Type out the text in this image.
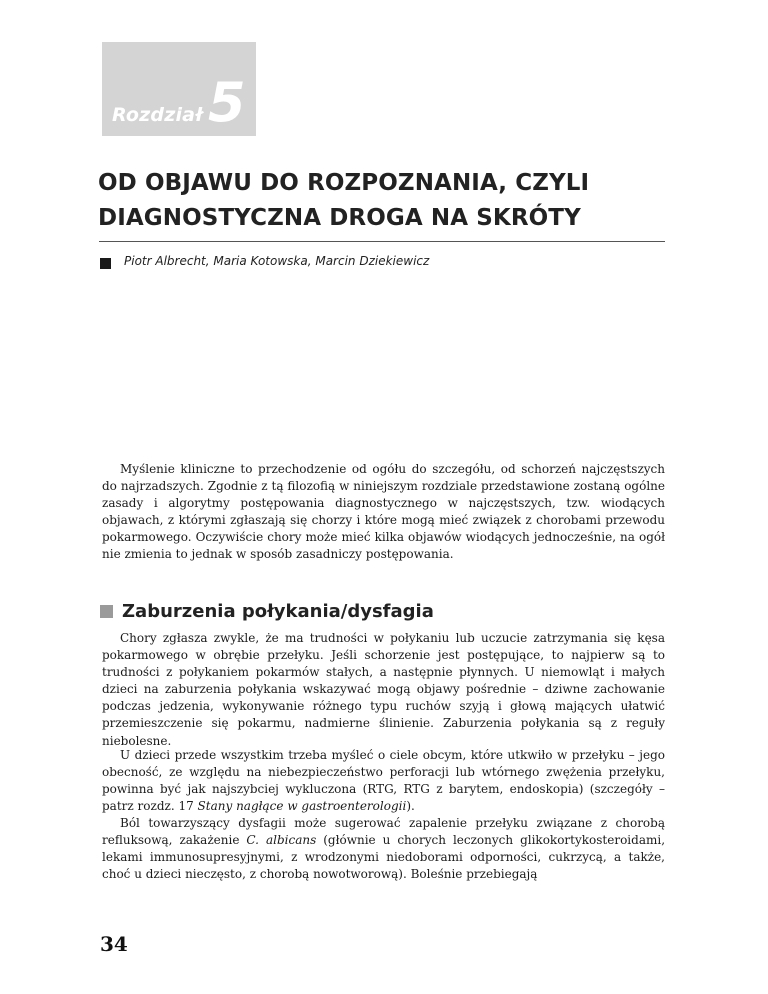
Rozdział 5
OD OBJAWU DO ROZPOZNANIA, CZYLI
DIAGNOSTYCZNA DROGA NA SKRÓTY
Piotr Albrecht, Maria Kotowska, Marcin Dziekiewicz

Myślenie kliniczne to przechodzenie od ogółu do szczegółu, od schorzeń najczęstszych do najrzadszych. Zgodnie z tą filozofią w niniejszym rozdziale przedstawione zostaną ogólne zasady i algorytmy postępowania diagnostycznego w najczęstszych, tzw. wiodących objawach, z którymi zgłaszają się chorzy i które mogą mieć związek z chorobami przewodu pokarmowego. Oczywiście chory może mieć kilka objawów wiodących jednocześnie, na ogół nie zmienia to jednak w sposób zasadniczy postępowania.

Zaburzenia połykania/dysfagia

Chory zgłasza zwykle, że ma trudności w połykaniu lub uczucie zatrzymania się kęsa pokarmowego w obrębie przełyku. Jeśli schorzenie jest postępujące, to najpierw są to trudności z połykaniem pokarmów stałych, a następnie płynnych. U niemowląt i małych dzieci na zaburzenia połykania wskazywać mogą objawy pośrednie – dziwne zachowanie podczas jedzenia, wykonywanie różnego typu ruchów szyją i głową mających ułatwić przemieszczenie się pokarmu, nadmierne ślinienie. Zaburzenia połykania są z reguły niebolesne.

U dzieci przede wszystkim trzeba myśleć o ciele obcym, które utkwiło w przełyku – jego obecność, ze względu na niebezpieczeństwo perforacji lub wtórnego zwężenia przełyku, powinna być jak najszybciej wykluczona (RTG, RTG z barytem, endoskopia) (szczegóły – patrz rozdz. 17 Stany nagłące w gastroenterologii).

Ból towarzyszący dysfagii może sugerować zapalenie przełyku związane z chorobą refluksową, zakażenie C. albicans (głównie u chorych leczonych glikokortykosteroidami, lekami immunosupresyjnymi, z wrodzonymi niedoborami odporności, cukrzycą, a także, choć u dzieci nieczęsto, z chorobą nowotworową). Boleśnie przebiegają

34
